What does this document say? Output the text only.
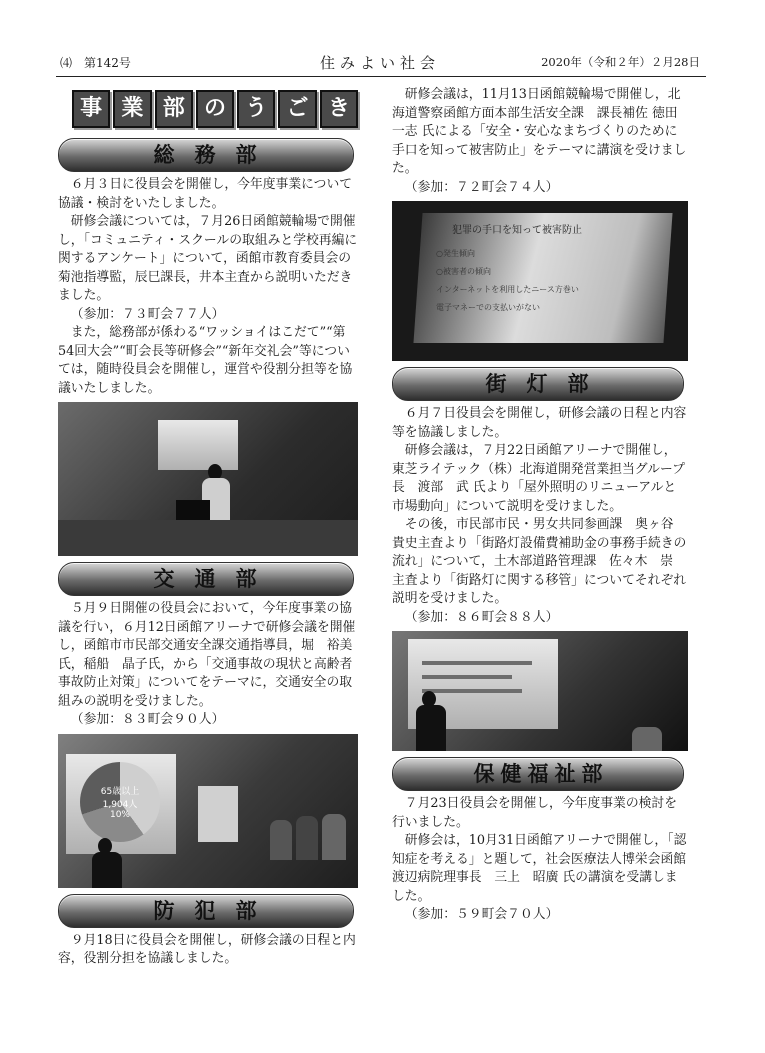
⑷　第142号	住みよい社会	2020年（令和２年）２月28日
事 業 部 の う ご き
総務部

６月３日に役員会を開催し，今年度事業について協議・検討をいたしました。

研修会議については，７月26日函館競輪場で開催し，「コミュニティ・スクールの取組みと学校再編に関するアンケート」について，函館市教育委員会の菊池指導監，辰巳課長，井本主査から説明いただきました。

（参加：７３町会７７人）

また，総務部が係わる“ワッショイはこだて”“第54回大会”“町会長等研修会”“新年交礼会”等については，随時役員会を開催し，運営や役割分担等を協議いたしました。

交通部

５月９日開催の役員会において，今年度事業の協議を行い，６月12日函館アリーナで研修会議を開催し，函館市市民部交通安全課交通指導員，堀　裕美氏，稲船　晶子氏，から「交通事故の現状と高齢者事故防止対策」についてをテーマに，交通安全の取組みの説明を受けました。

（参加：８３町会９０人）

65歳以上
1,904人
10%
防犯部

９月18日に役員会を開催し，研修会議の日程と内容，役割分担を協議しました。

研修会議は，11月13日函館競輪場で開催し，北海道警察函館方面本部生活安全課　課長補佐 徳田　一志 氏による「安全・安心なまちづくりのために手口を知って被害防止」をテーマに講演を受けました。

（参加：７２町会７４人）

犯罪の手口を知って被害防止
○発生傾向
○被害者の傾向
インターネットを利用したニース方巻い
電子マネーでの支払いがない
街灯部

６月７日役員会を開催し，研修会議の日程と内容等を協議しました。

研修会議は，７月22日函館アリーナで開催し，東芝ライテック（株）北海道開発営業担当グループ長　渡部　武 氏より「屋外照明のリニューアルと市場動向」について説明を受けました。

その後，市民部市民・男女共同参画課　奥ヶ谷　貴史主査より「街路灯設備費補助金の事務手続きの流れ」について，土木部道路管理課　佐々木　崇　主査より「街路灯に関する移管」についてそれぞれ説明を受けました。

（参加：８６町会８８人）

保健福祉部

７月23日役員会を開催し，今年度事業の検討を行いました。

研修会は，10月31日函館アリーナで開催し，「認知症を考える」と題して，社会医療法人博栄会函館渡辺病院理事長　三上　昭廣 氏の講演を受講しました。

（参加：５９町会７０人）
